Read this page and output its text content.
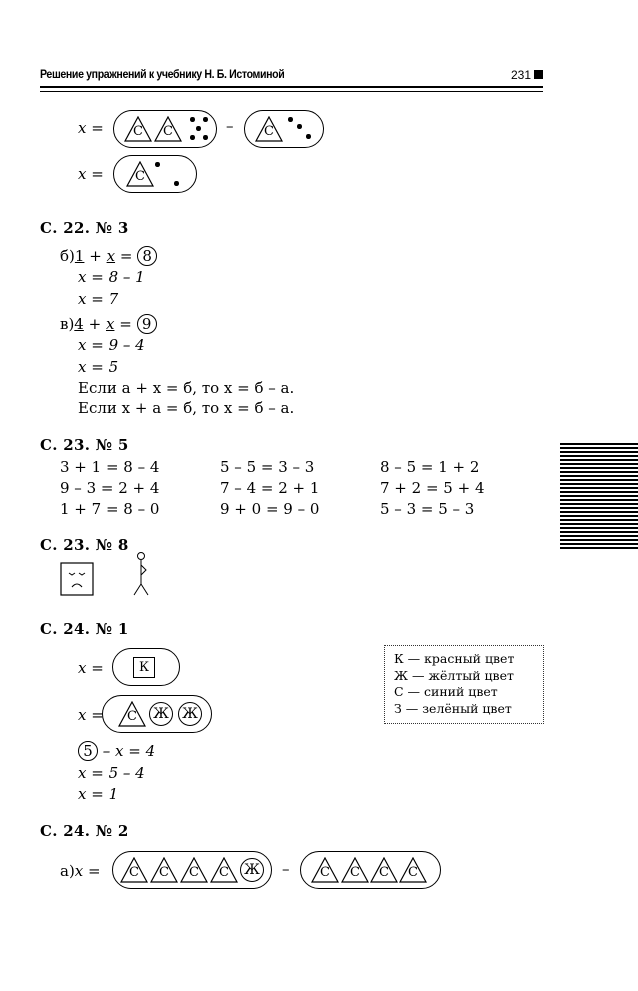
Решение упражнений к учебнику Н. Б. Истоминой	231
x = С С	– С
x = С
С. 22. № 3
б)1 + x = 8
x = 8 – 1
x = 7
в)4 + x = 9
x = 9 – 4
x = 5
Если а + x = б, то x = б – а.
Если x + а = б, то x = б – а.
С. 23. № 5
3 + 1 = 8 – 4	5 – 5 = 3 – 3	8 – 5 = 1 + 2
9 – 3 = 2 + 4	7 – 4 = 2 + 1	7 + 2 = 5 + 4
1 + 7 = 8 – 0	9 + 0 = 9 – 0	5 – 3 = 5 – 3
С. 23. № 8
С. 24. № 1
x =	К
x = С Ж Ж
К — красный цвет
Ж — жёлтый цвет
С — синий цвет
З — зелёный цвет
5 – x = 4
x = 5 – 4
x = 1
С. 24. № 2
а)x = С С С С Ж – С С С С
